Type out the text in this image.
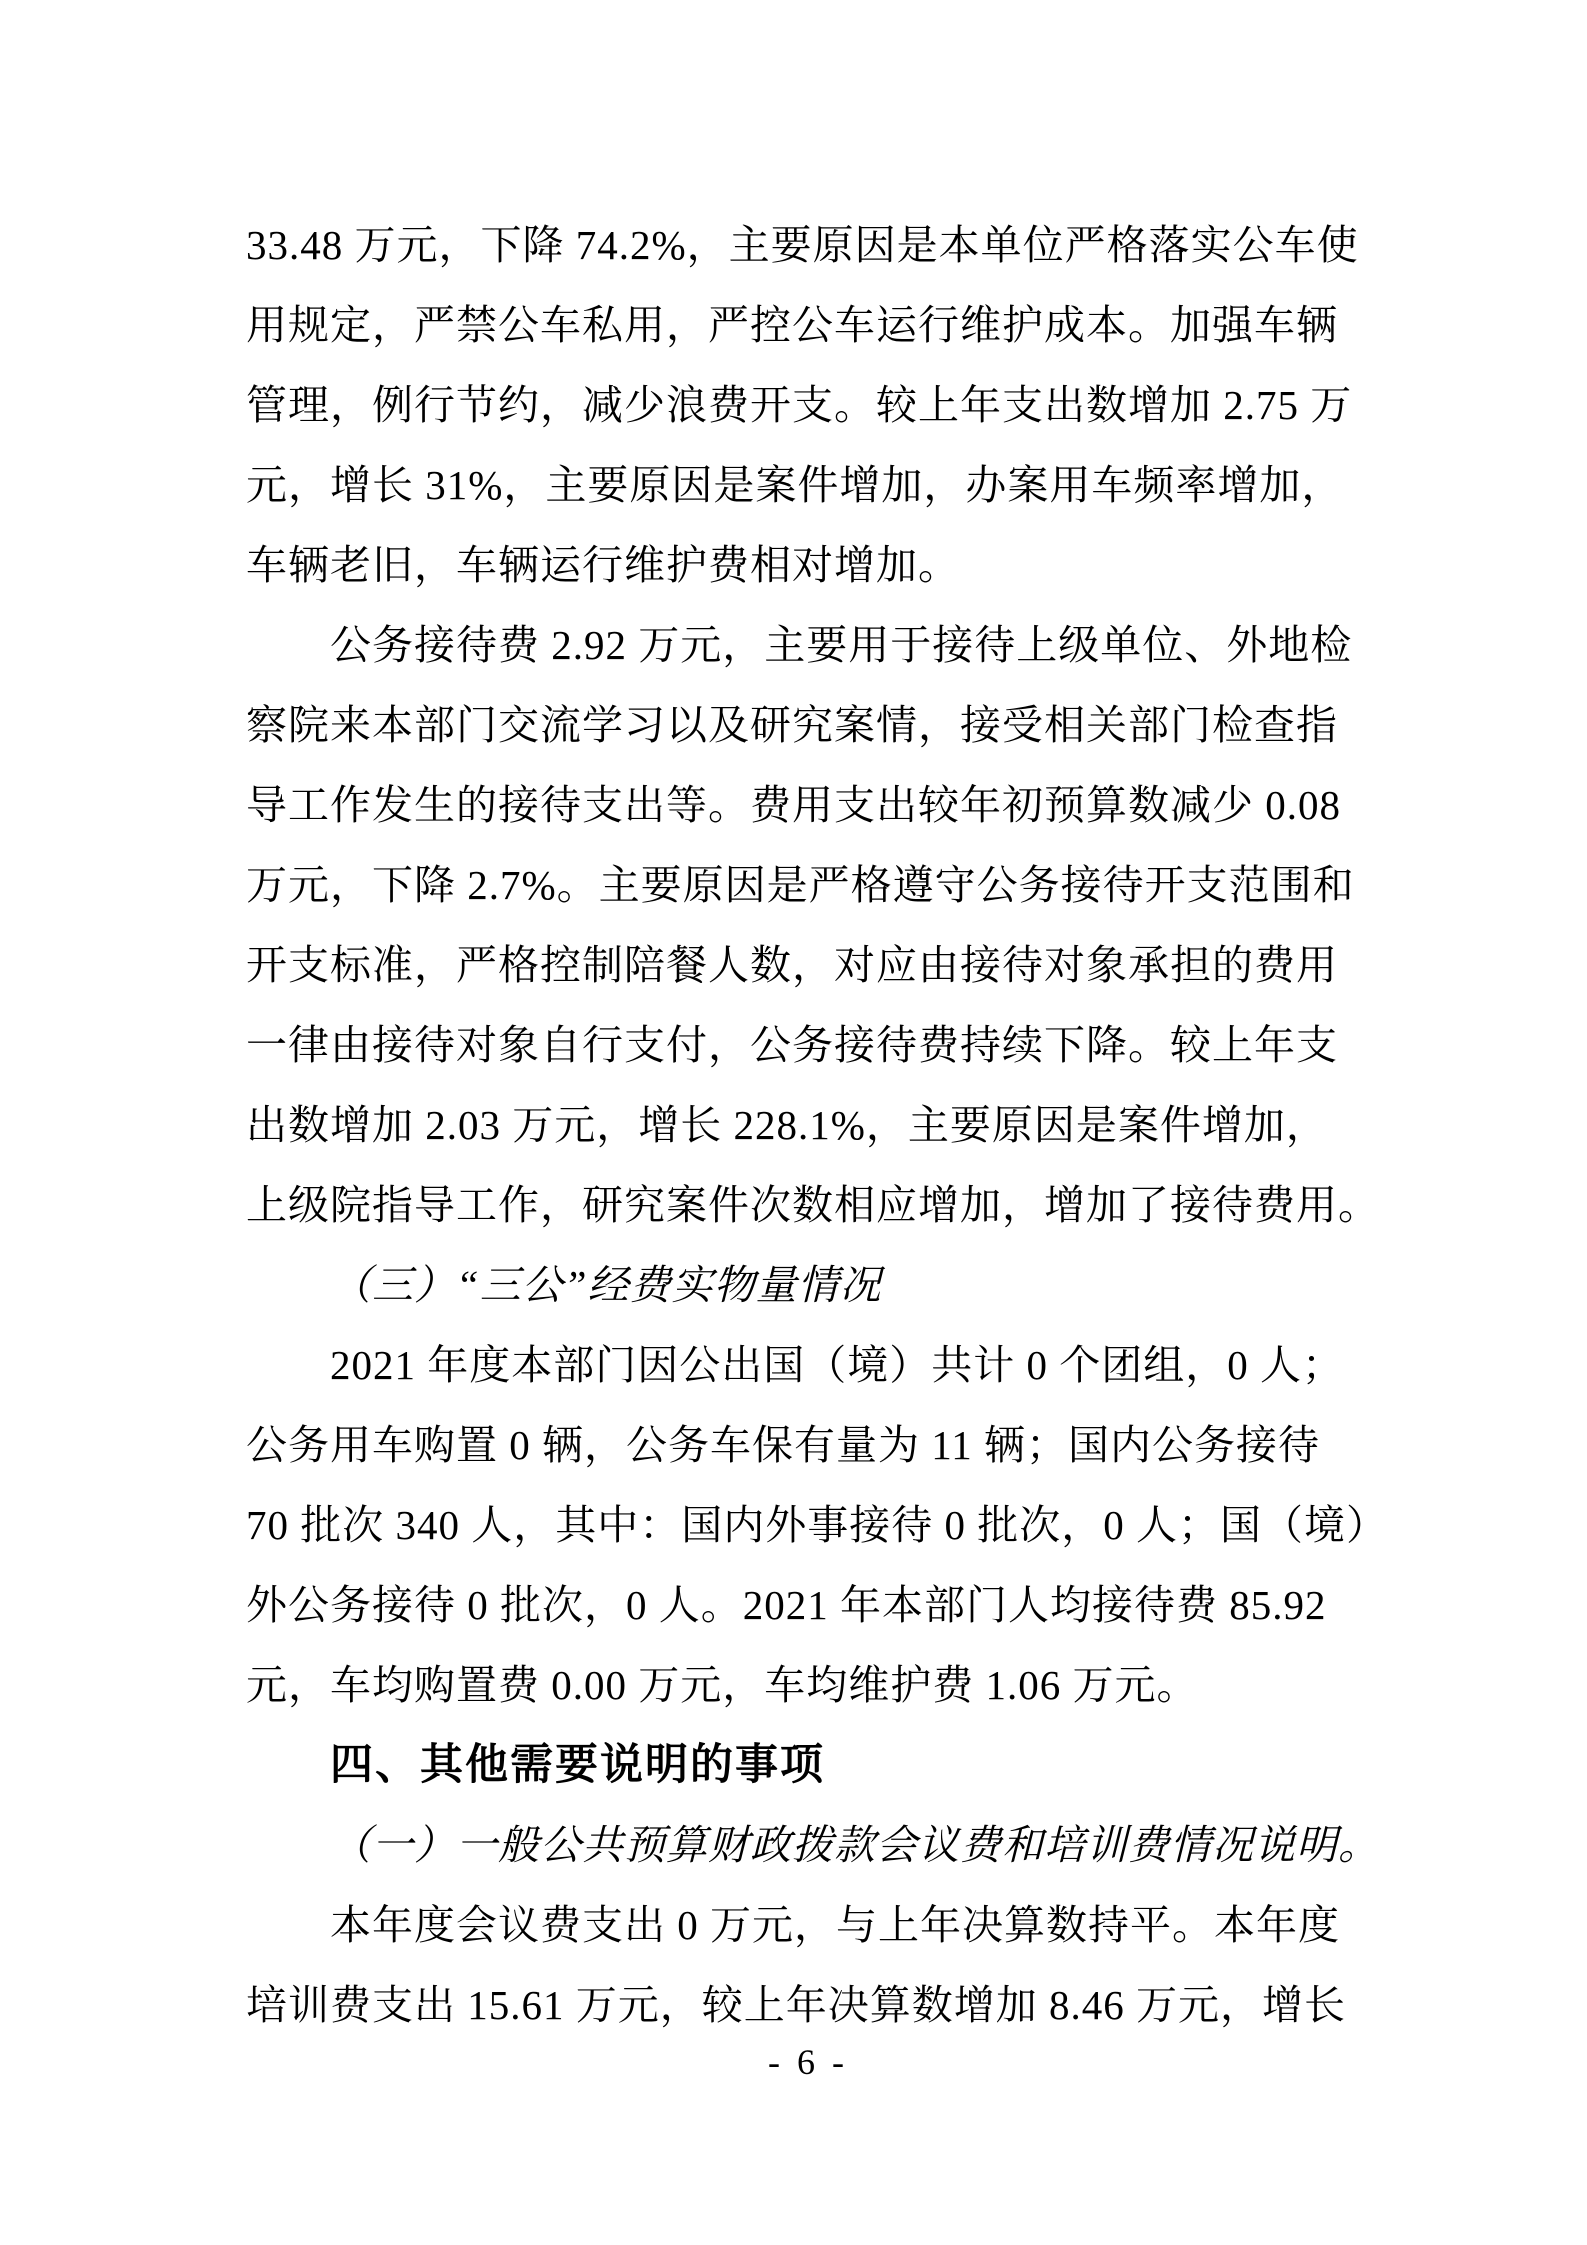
33.48 万元，下降 74.2%，主要原因是本单位严格落实公车使
用规定，严禁公车私用，严控公车运行维护成本。加强车辆
管理，例行节约，减少浪费开支。较上年支出数增加 2.75 万
元，增长 31%，主要原因是案件增加，办案用车频率增加，
车辆老旧，车辆运行维护费相对增加。
公务接待费 2.92 万元，主要用于接待上级单位、外地检
察院来本部门交流学习以及研究案情，接受相关部门检查指
导工作发生的接待支出等。费用支出较年初预算数减少 0.08
万元，下降 2.7%。主要原因是严格遵守公务接待开支范围和
开支标准，严格控制陪餐人数，对应由接待对象承担的费用
一律由接待对象自行支付，公务接待费持续下降。较上年支
出数增加 2.03 万元，增长 228.1%，主要原因是案件增加，
上级院指导工作，研究案件次数相应增加，增加了接待费用。
（三）“三公”经费实物量情况
2021 年度本部门因公出国（境）共计 0 个团组，0 人；
公务用车购置 0 辆，公务车保有量为 11 辆；国内公务接待
70 批次 340 人，其中：国内外事接待 0 批次，0 人；国（境）
外公务接待 0 批次，0 人。2021 年本部门人均接待费 85.92
元，车均购置费 0.00 万元，车均维护费 1.06 万元。
四、其他需要说明的事项
（一）一般公共预算财政拨款会议费和培训费情况说明。
本年度会议费支出 0 万元，与上年决算数持平。本年度
培训费支出 15.61 万元，较上年决算数增加 8.46 万元，增长
- 6 -
